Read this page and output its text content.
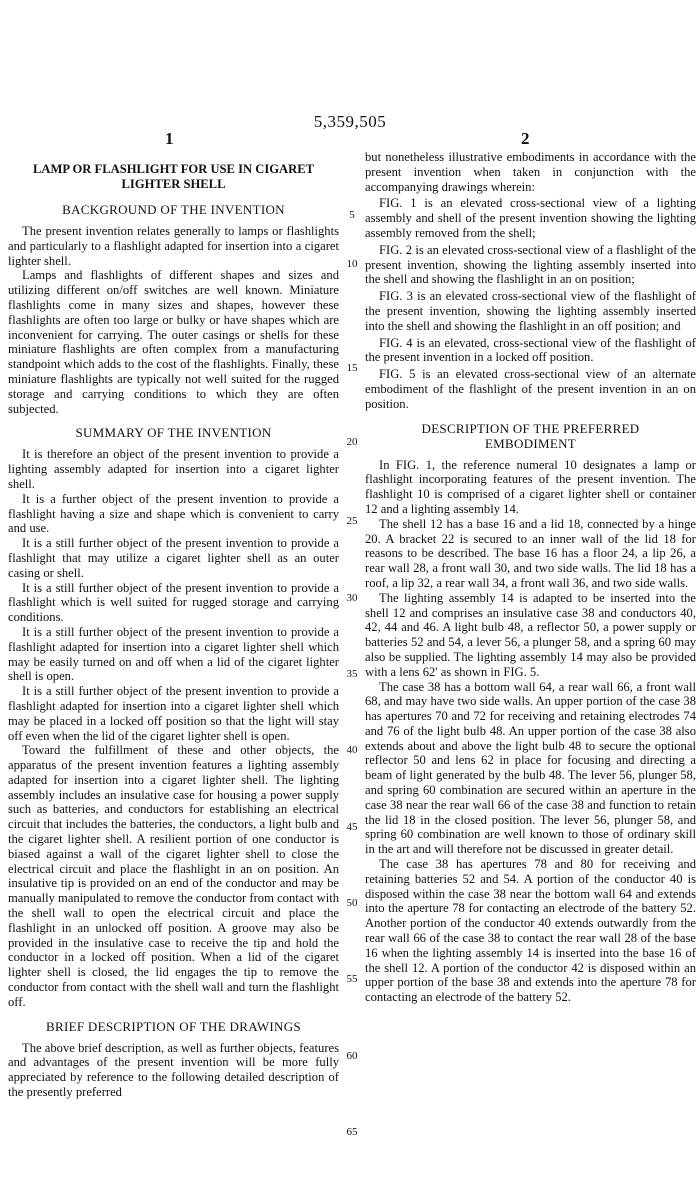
5,359,505
1	2
LAMP OR FLASHLIGHT FOR USE IN CIGARET LIGHTER SHELL
BACKGROUND OF THE INVENTION

The present invention relates generally to lamps or flashlights and particularly to a flashlight adapted for insertion into a cigaret lighter shell.

Lamps and flashlights of different shapes and sizes and utilizing different on/off switches are well known. Miniature flashlights come in many sizes and shapes, however these flashlights are often too large or bulky or have shapes which are inconvenient for carrying. The outer casings or shells for these miniature flashlights are often complex from a manufacturing standpoint which adds to the cost of the flashlights. Finally, these miniature flashlights are typically not well suited for the rugged storage and carrying conditions to which they are often subjected.

SUMMARY OF THE INVENTION

It is therefore an object of the present invention to provide a lighting assembly adapted for insertion into a cigaret lighter shell.

It is a further object of the present invention to provide a flashlight having a size and shape which is convenient to carry and use.

It is a still further object of the present invention to provide a flashlight that may utilize a cigaret lighter shell as an outer casing or shell.

It is a still further object of the present invention to provide a flashlight which is well suited for rugged storage and carrying conditions.

It is a still further object of the present invention to provide a flashlight adapted for insertion into a cigaret lighter shell which may be easily turned on and off when a lid of the cigaret lighter shell is open.

It is a still further object of the present invention to provide a flashlight adapted for insertion into a cigaret lighter shell which may be placed in a locked off position so that the light will stay off even when the lid of the cigaret lighter shell is open.

Toward the fulfillment of these and other objects, the apparatus of the present invention features a lighting assembly adapted for insertion into a cigaret lighter shell. The lighting assembly includes an insulative case for housing a power supply such as batteries, and conductors for establishing an electrical circuit that includes the batteries, the conductors, a light bulb and the cigaret lighter shell. A resilient portion of one conductor is biased against a wall of the cigaret lighter shell to close the electrical circuit and place the flashlight in an on position. An insulative tip is provided on an end of the conductor and may be manually manipulated to remove the conductor from contact with the shell wall to open the electrical circuit and place the flashlight in an unlocked off position. A groove may also be provided in the insulative case to receive the tip and hold the conductor in a locked off position. When a lid of the cigaret lighter shell is closed, the lid engages the tip to remove the conductor from contact with the shell wall and turn the flashlight off.

BRIEF DESCRIPTION OF THE DRAWINGS

The above brief description, as well as further objects, features and advantages of the present invention will be more fully appreciated by reference to the following detailed description of the presently preferred

5
10
15
20
25
30
35
40
45
50
55
60
65

but nonetheless illustrative embodiments in accordance with the present invention when taken in conjunction with the accompanying drawings wherein:

FIG. 1 is an elevated cross-sectional view of a lighting assembly and shell of the present invention showing the lighting assembly removed from the shell;

FIG. 2 is an elevated cross-sectional view of a flashlight of the present invention, showing the lighting assembly inserted into the shell and showing the flashlight in an on position;

FIG. 3 is an elevated cross-sectional view of the flashlight of the present invention, showing the lighting assembly inserted into the shell and showing the flashlight in an off position; and

FIG. 4 is an elevated, cross-sectional view of the flashlight of the present invention in a locked off position.

FIG. 5 is an elevated cross-sectional view of an alternate embodiment of the flashlight of the present invention in an on position.

DESCRIPTION OF THE PREFERRED
EMBODIMENT

In FIG. 1, the reference numeral 10 designates a lamp or flashlight incorporating features of the present invention. The flashlight 10 is comprised of a cigaret lighter shell or container 12 and a lighting assembly 14.

The shell 12 has a base 16 and a lid 18, connected by a hinge 20. A bracket 22 is secured to an inner wall of the lid 18 for reasons to be described. The base 16 has a floor 24, a lip 26, a rear wall 28, a front wall 30, and two side walls. The lid 18 has a roof, a lip 32, a rear wall 34, a front wall 36, and two side walls.

The lighting assembly 14 is adapted to be inserted into the shell 12 and comprises an insulative case 38 and conductors 40, 42, 44 and 46. A light bulb 48, a reflector 50, a power supply or batteries 52 and 54, a lever 56, a plunger 58, and a spring 60 may also be supplied. The lighting assembly 14 may also be provided with a lens 62' as shown in FIG. 5.

The case 38 has a bottom wall 64, a rear wall 66, a front wall 68, and may have two side walls. An upper portion of the case 38 has apertures 70 and 72 for receiving and retaining electrodes 74 and 76 of the light bulb 48. An upper portion of the case 38 also extends about and above the light bulb 48 to secure the optional reflector 50 and lens 62 in place for focusing and directing a beam of light generated by the bulb 48. The lever 56, plunger 58, and spring 60 combination are secured within an aperture in the case 38 near the rear wall 66 of the case 38 and function to retain the lid 18 in the closed position. The lever 56, plunger 58, and spring 60 combination are well known to those of ordinary skill in the art and will therefore not be discussed in greater detail.

The case 38 has apertures 78 and 80 for receiving and retaining batteries 52 and 54. A portion of the conductor 40 is disposed within the case 38 near the bottom wall 64 and extends into the aperture 78 for contacting an electrode of the battery 52. Another portion of the conductor 40 extends outwardly from the rear wall 66 of the case 38 to contact the rear wall 28 of the base 16 when the lighting assembly 14 is inserted into the base 16 of the shell 12. A portion of the conductor 42 is disposed within an upper portion of the base 38 and extends into the aperture 78 for contacting an electrode of the battery 52.
